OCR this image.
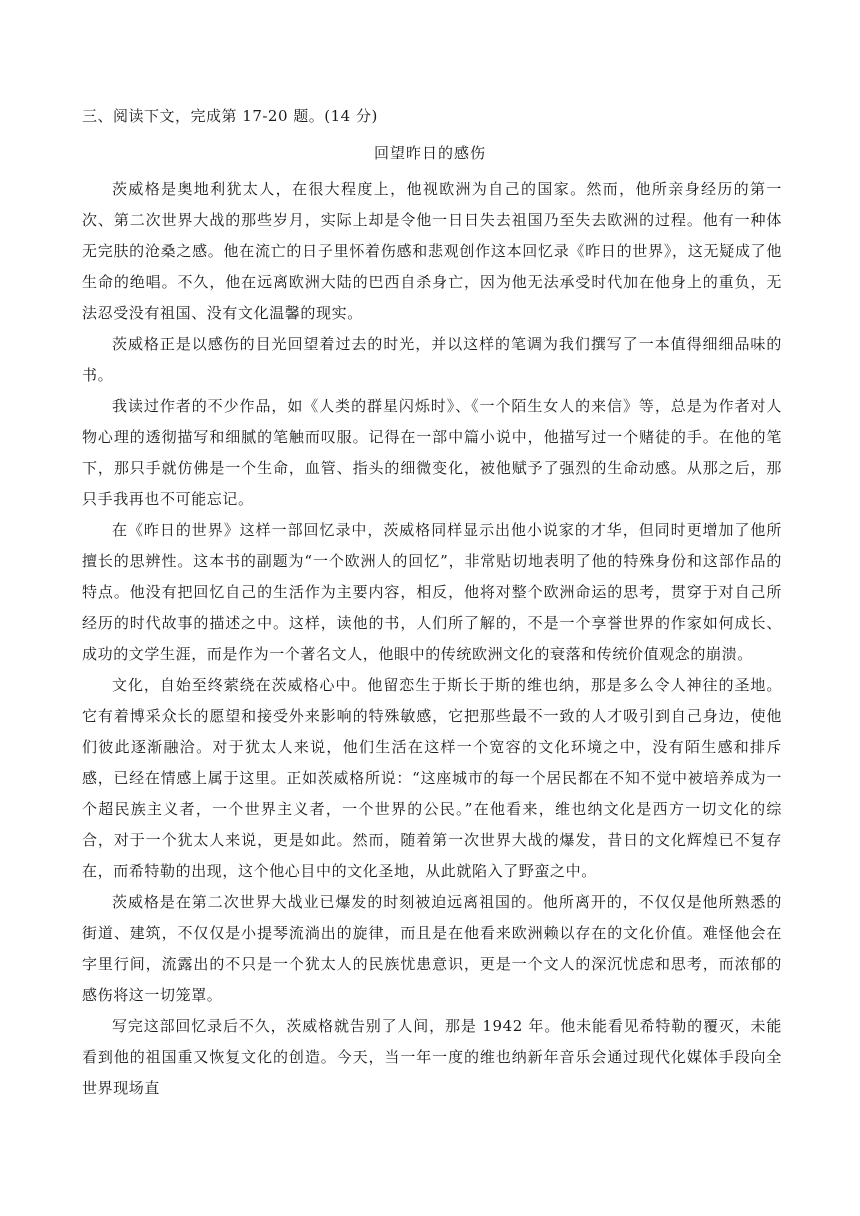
三、阅读下文，完成第 17-20 题。(14 分)
回望昨日的感伤

茨威格是奥地利犹太人，在很大程度上，他视欧洲为自己的国家。然而，他所亲身经历的第一次、第二次世界大战的那些岁月，实际上却是令他一日日失去祖国乃至失去欧洲的过程。他有一种体无完肤的沧桑之感。他在流亡的日子里怀着伤感和悲观创作这本回忆录《昨日的世界》，这无疑成了他生命的绝唱。不久，他在远离欧洲大陆的巴西自杀身亡，因为他无法承受时代加在他身上的重负，无法忍受没有祖国、没有文化温馨的现实。

茨威格正是以感伤的目光回望着过去的时光，并以这样的笔调为我们撰写了一本值得细细品味的书。

我读过作者的不少作品，如《人类的群星闪烁时》、《一个陌生女人的来信》等，总是为作者对人物心理的透彻描写和细腻的笔触而叹服。记得在一部中篇小说中，他描写过一个赌徒的手。在他的笔下，那只手就仿佛是一个生命，血管、指头的细微变化，被他赋予了强烈的生命动感。从那之后，那只手我再也不可能忘记。

在《昨日的世界》这样一部回忆录中，茨威格同样显示出他小说家的才华，但同时更增加了他所擅长的思辨性。这本书的副题为“一个欧洲人的回忆”，非常贴切地表明了他的特殊身份和这部作品的特点。他没有把回忆自己的生活作为主要内容，相反，他将对整个欧洲命运的思考，贯穿于对自己所经历的时代故事的描述之中。这样，读他的书，人们所了解的，不是一个享誉世界的作家如何成长、成功的文学生涯，而是作为一个著名文人，他眼中的传统欧洲文化的衰落和传统价值观念的崩溃。

文化，自始至终萦绕在茨威格心中。他留恋生于斯长于斯的维也纳，那是多么令人神往的圣地。它有着博采众长的愿望和接受外来影响的特殊敏感，它把那些最不一致的人才吸引到自己身边，使他们彼此逐渐融洽。对于犹太人来说，他们生活在这样一个宽容的文化环境之中，没有陌生感和排斥感，已经在情感上属于这里。正如茨威格所说：“这座城市的每一个居民都在不知不觉中被培养成为一个超民族主义者，一个世界主义者，一个世界的公民。”在他看来，维也纳文化是西方一切文化的综合，对于一个犹太人来说，更是如此。然而，随着第一次世界大战的爆发，昔日的文化辉煌已不复存在，而希特勒的出现，这个他心目中的文化圣地，从此就陷入了野蛮之中。

茨威格是在第二次世界大战业已爆发的时刻被迫远离祖国的。他所离开的，不仅仅是他所熟悉的街道、建筑，不仅仅是小提琴流淌出的旋律，而且是在他看来欧洲赖以存在的文化价值。难怪他会在字里行间，流露出的不只是一个犹太人的民族忧患意识，更是一个文人的深沉忧虑和思考，而浓郁的感伤将这一切笼罩。

写完这部回忆录后不久，茨威格就告别了人间，那是 1942 年。他未能看见希特勒的覆灭，未能看到他的祖国重又恢复文化的创造。今天，当一年一度的维也纳新年音乐会通过现代化媒体手段向全世界现场直
